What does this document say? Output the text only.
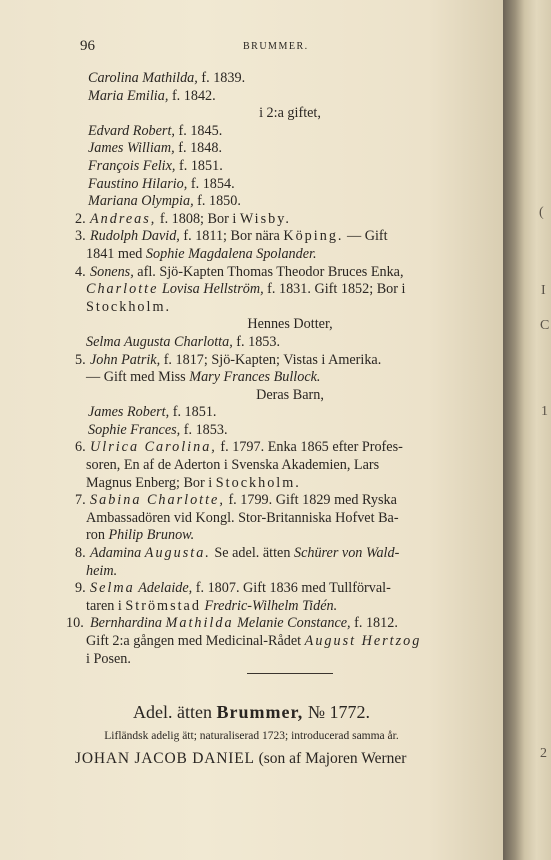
96	BRUMMER.
Carolina Mathilda, f. 1839.
Maria Emilia, f. 1842.
i 2:a giftet,
Edvard Robert, f. 1845.
James William, f. 1848.
François Felix, f. 1851.
Faustino Hilario, f. 1854.
Mariana Olympia, f. 1850.
2. Andreas, f. 1808; Bor i Wisby.
3. Rudolph David, f. 1811; Bor nära Köping. — Gift
1841 med Sophie Magdalena Spolander.
4. Sonens, afl. Sjö-Kapten Thomas Theodor Bruces Enka,
Charlotte Lovisa Hellström, f. 1831. Gift 1852; Bor i
Stockholm.
Hennes Dotter,
Selma Augusta Charlotta, f. 1853.
5. John Patrik, f. 1817; Sjö-Kapten; Vistas i Amerika.
— Gift med Miss Mary Frances Bullock.
Deras Barn,
James Robert, f. 1851.
Sophie Frances, f. 1853.
6. Ulrica Carolina, f. 1797. Enka 1865 efter Profes-
soren, En af de Aderton i Svenska Akademien, Lars
Magnus Enberg; Bor i Stockholm.
7. Sabina Charlotte, f. 1799. Gift 1829 med Ryska
Ambassadören vid Kongl. Stor-Britanniska Hofvet Ba-
ron Philip Brunow.
8. Adamina Augusta. Se adel. ätten Schürer von Wald-
heim.
9. Selma Adelaide, f. 1807. Gift 1836 med Tullförval-
taren i Strömstad Fredric-Wilhelm Tidén.
10. Bernhardina Mathilda Melanie Constance, f. 1812.
Gift 2:a gången med Medicinal-Rådet August Hertzog
i Posen.
Adel. ätten Brummer, № 1772.
Lifländsk adelig ätt; naturaliserad 1723; introducerad samma år.
JOHAN JACOB DANIEL (son af Majoren Werner
(
I
C
1
2
